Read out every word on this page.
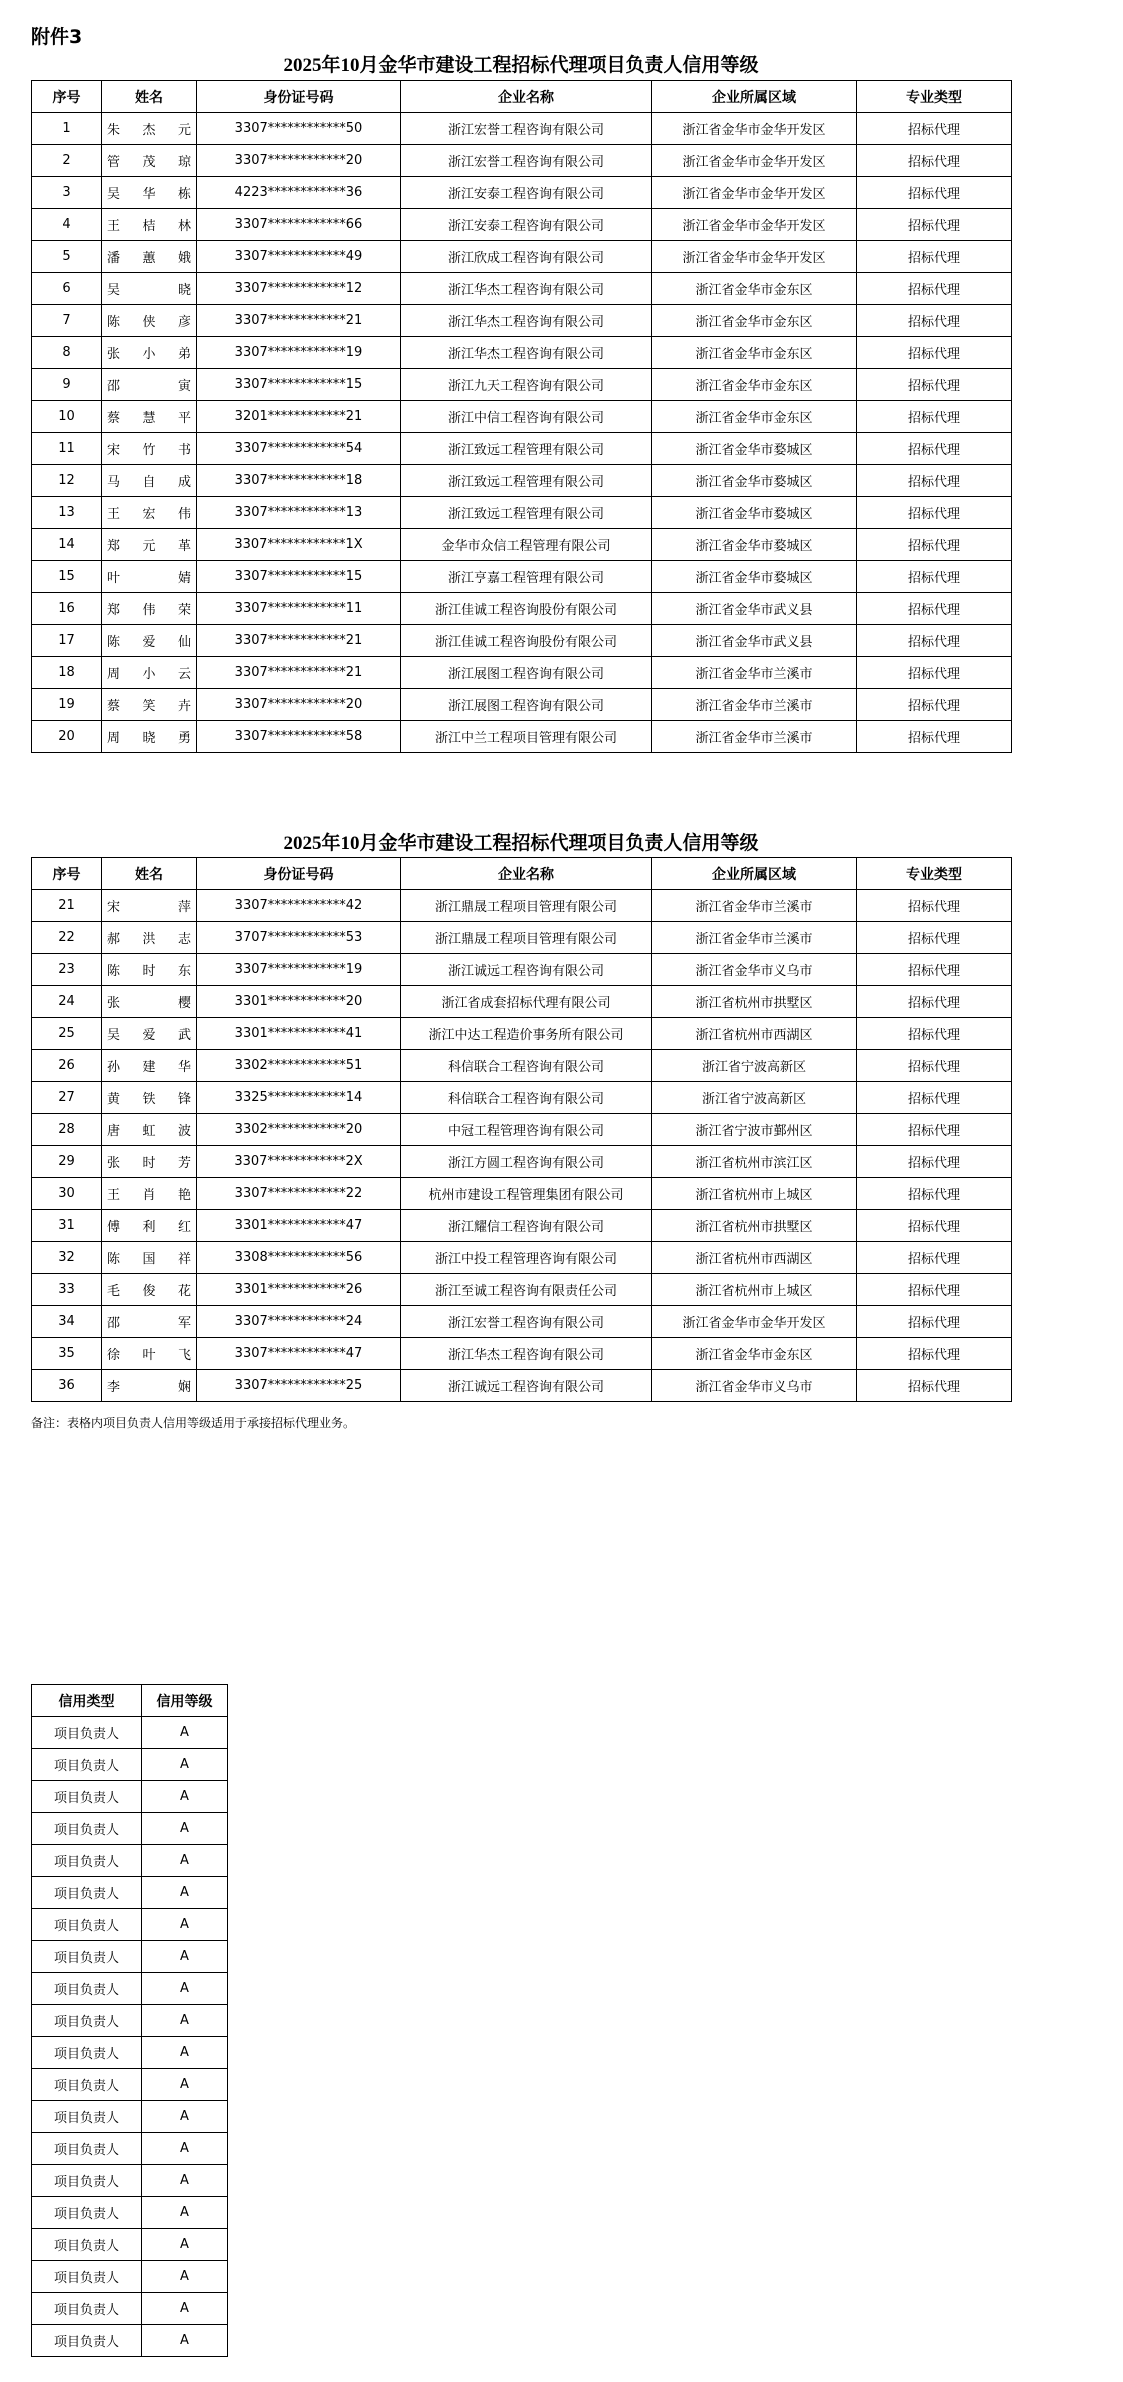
附件3
2025年10月金华市建设工程招标代理项目负责人信用等级
序号	姓名	身份证号码	企业名称	企业所属区域	专业类型
1	朱杰元	3307************50	浙江宏誉工程咨询有限公司	浙江省金华市金华开发区	招标代理
2	管茂琼	3307************20	浙江宏誉工程咨询有限公司	浙江省金华市金华开发区	招标代理
3	吴华栋	4223************36	浙江安泰工程咨询有限公司	浙江省金华市金华开发区	招标代理
4	王桔林	3307************66	浙江安泰工程咨询有限公司	浙江省金华市金华开发区	招标代理
5	潘蕙娥	3307************49	浙江欣成工程咨询有限公司	浙江省金华市金华开发区	招标代理
6	吴晓	3307************12	浙江华杰工程咨询有限公司	浙江省金华市金东区	招标代理
7	陈侠彦	3307************21	浙江华杰工程咨询有限公司	浙江省金华市金东区	招标代理
8	张小弟	3307************19	浙江华杰工程咨询有限公司	浙江省金华市金东区	招标代理
9	邵寅	3307************15	浙江九天工程咨询有限公司	浙江省金华市金东区	招标代理
10	蔡慧平	3201************21	浙江中信工程咨询有限公司	浙江省金华市金东区	招标代理
11	宋竹书	3307************54	浙江致远工程管理有限公司	浙江省金华市婺城区	招标代理
12	马自成	3307************18	浙江致远工程管理有限公司	浙江省金华市婺城区	招标代理
13	王宏伟	3307************13	浙江致远工程管理有限公司	浙江省金华市婺城区	招标代理
14	郑元革	3307************1X	金华市众信工程管理有限公司	浙江省金华市婺城区	招标代理
15	叶婧	3307************15	浙江亨嘉工程管理有限公司	浙江省金华市婺城区	招标代理
16	郑伟荣	3307************11	浙江佳诚工程咨询股份有限公司	浙江省金华市武义县	招标代理
17	陈爱仙	3307************21	浙江佳诚工程咨询股份有限公司	浙江省金华市武义县	招标代理
18	周小云	3307************21	浙江展图工程咨询有限公司	浙江省金华市兰溪市	招标代理
19	蔡笑卉	3307************20	浙江展图工程咨询有限公司	浙江省金华市兰溪市	招标代理
20	周晓勇	3307************58	浙江中兰工程项目管理有限公司	浙江省金华市兰溪市	招标代理
2025年10月金华市建设工程招标代理项目负责人信用等级
序号	姓名	身份证号码	企业名称	企业所属区域	专业类型
21	宋萍	3307************42	浙江鼎晟工程项目管理有限公司	浙江省金华市兰溪市	招标代理
22	郝洪志	3707************53	浙江鼎晟工程项目管理有限公司	浙江省金华市兰溪市	招标代理
23	陈时东	3307************19	浙江诚远工程咨询有限公司	浙江省金华市义乌市	招标代理
24	张樱	3301************20	浙江省成套招标代理有限公司	浙江省杭州市拱墅区	招标代理
25	吴爱武	3301************41	浙江中达工程造价事务所有限公司	浙江省杭州市西湖区	招标代理
26	孙建华	3302************51	科信联合工程咨询有限公司	浙江省宁波高新区	招标代理
27	黄铁锋	3325************14	科信联合工程咨询有限公司	浙江省宁波高新区	招标代理
28	唐虹波	3302************20	中冠工程管理咨询有限公司	浙江省宁波市鄞州区	招标代理
29	张时芳	3307************2X	浙江方圆工程咨询有限公司	浙江省杭州市滨江区	招标代理
30	王肖艳	3307************22	杭州市建设工程管理集团有限公司	浙江省杭州市上城区	招标代理
31	傅利红	3301************47	浙江耀信工程咨询有限公司	浙江省杭州市拱墅区	招标代理
32	陈国祥	3308************56	浙江中投工程管理咨询有限公司	浙江省杭州市西湖区	招标代理
33	毛俊花	3301************26	浙江至诚工程咨询有限责任公司	浙江省杭州市上城区	招标代理
34	邵军	3307************24	浙江宏誉工程咨询有限公司	浙江省金华市金华开发区	招标代理
35	徐叶飞	3307************47	浙江华杰工程咨询有限公司	浙江省金华市金东区	招标代理
36	李娴	3307************25	浙江诚远工程咨询有限公司	浙江省金华市义乌市	招标代理
备注：表格内项目负责人信用等级适用于承接招标代理业务。
信用类型	信用等级
项目负责人	A
项目负责人	A
项目负责人	A
项目负责人	A
项目负责人	A
项目负责人	A
项目负责人	A
项目负责人	A
项目负责人	A
项目负责人	A
项目负责人	A
项目负责人	A
项目负责人	A
项目负责人	A
项目负责人	A
项目负责人	A
项目负责人	A
项目负责人	A
项目负责人	A
项目负责人	A
